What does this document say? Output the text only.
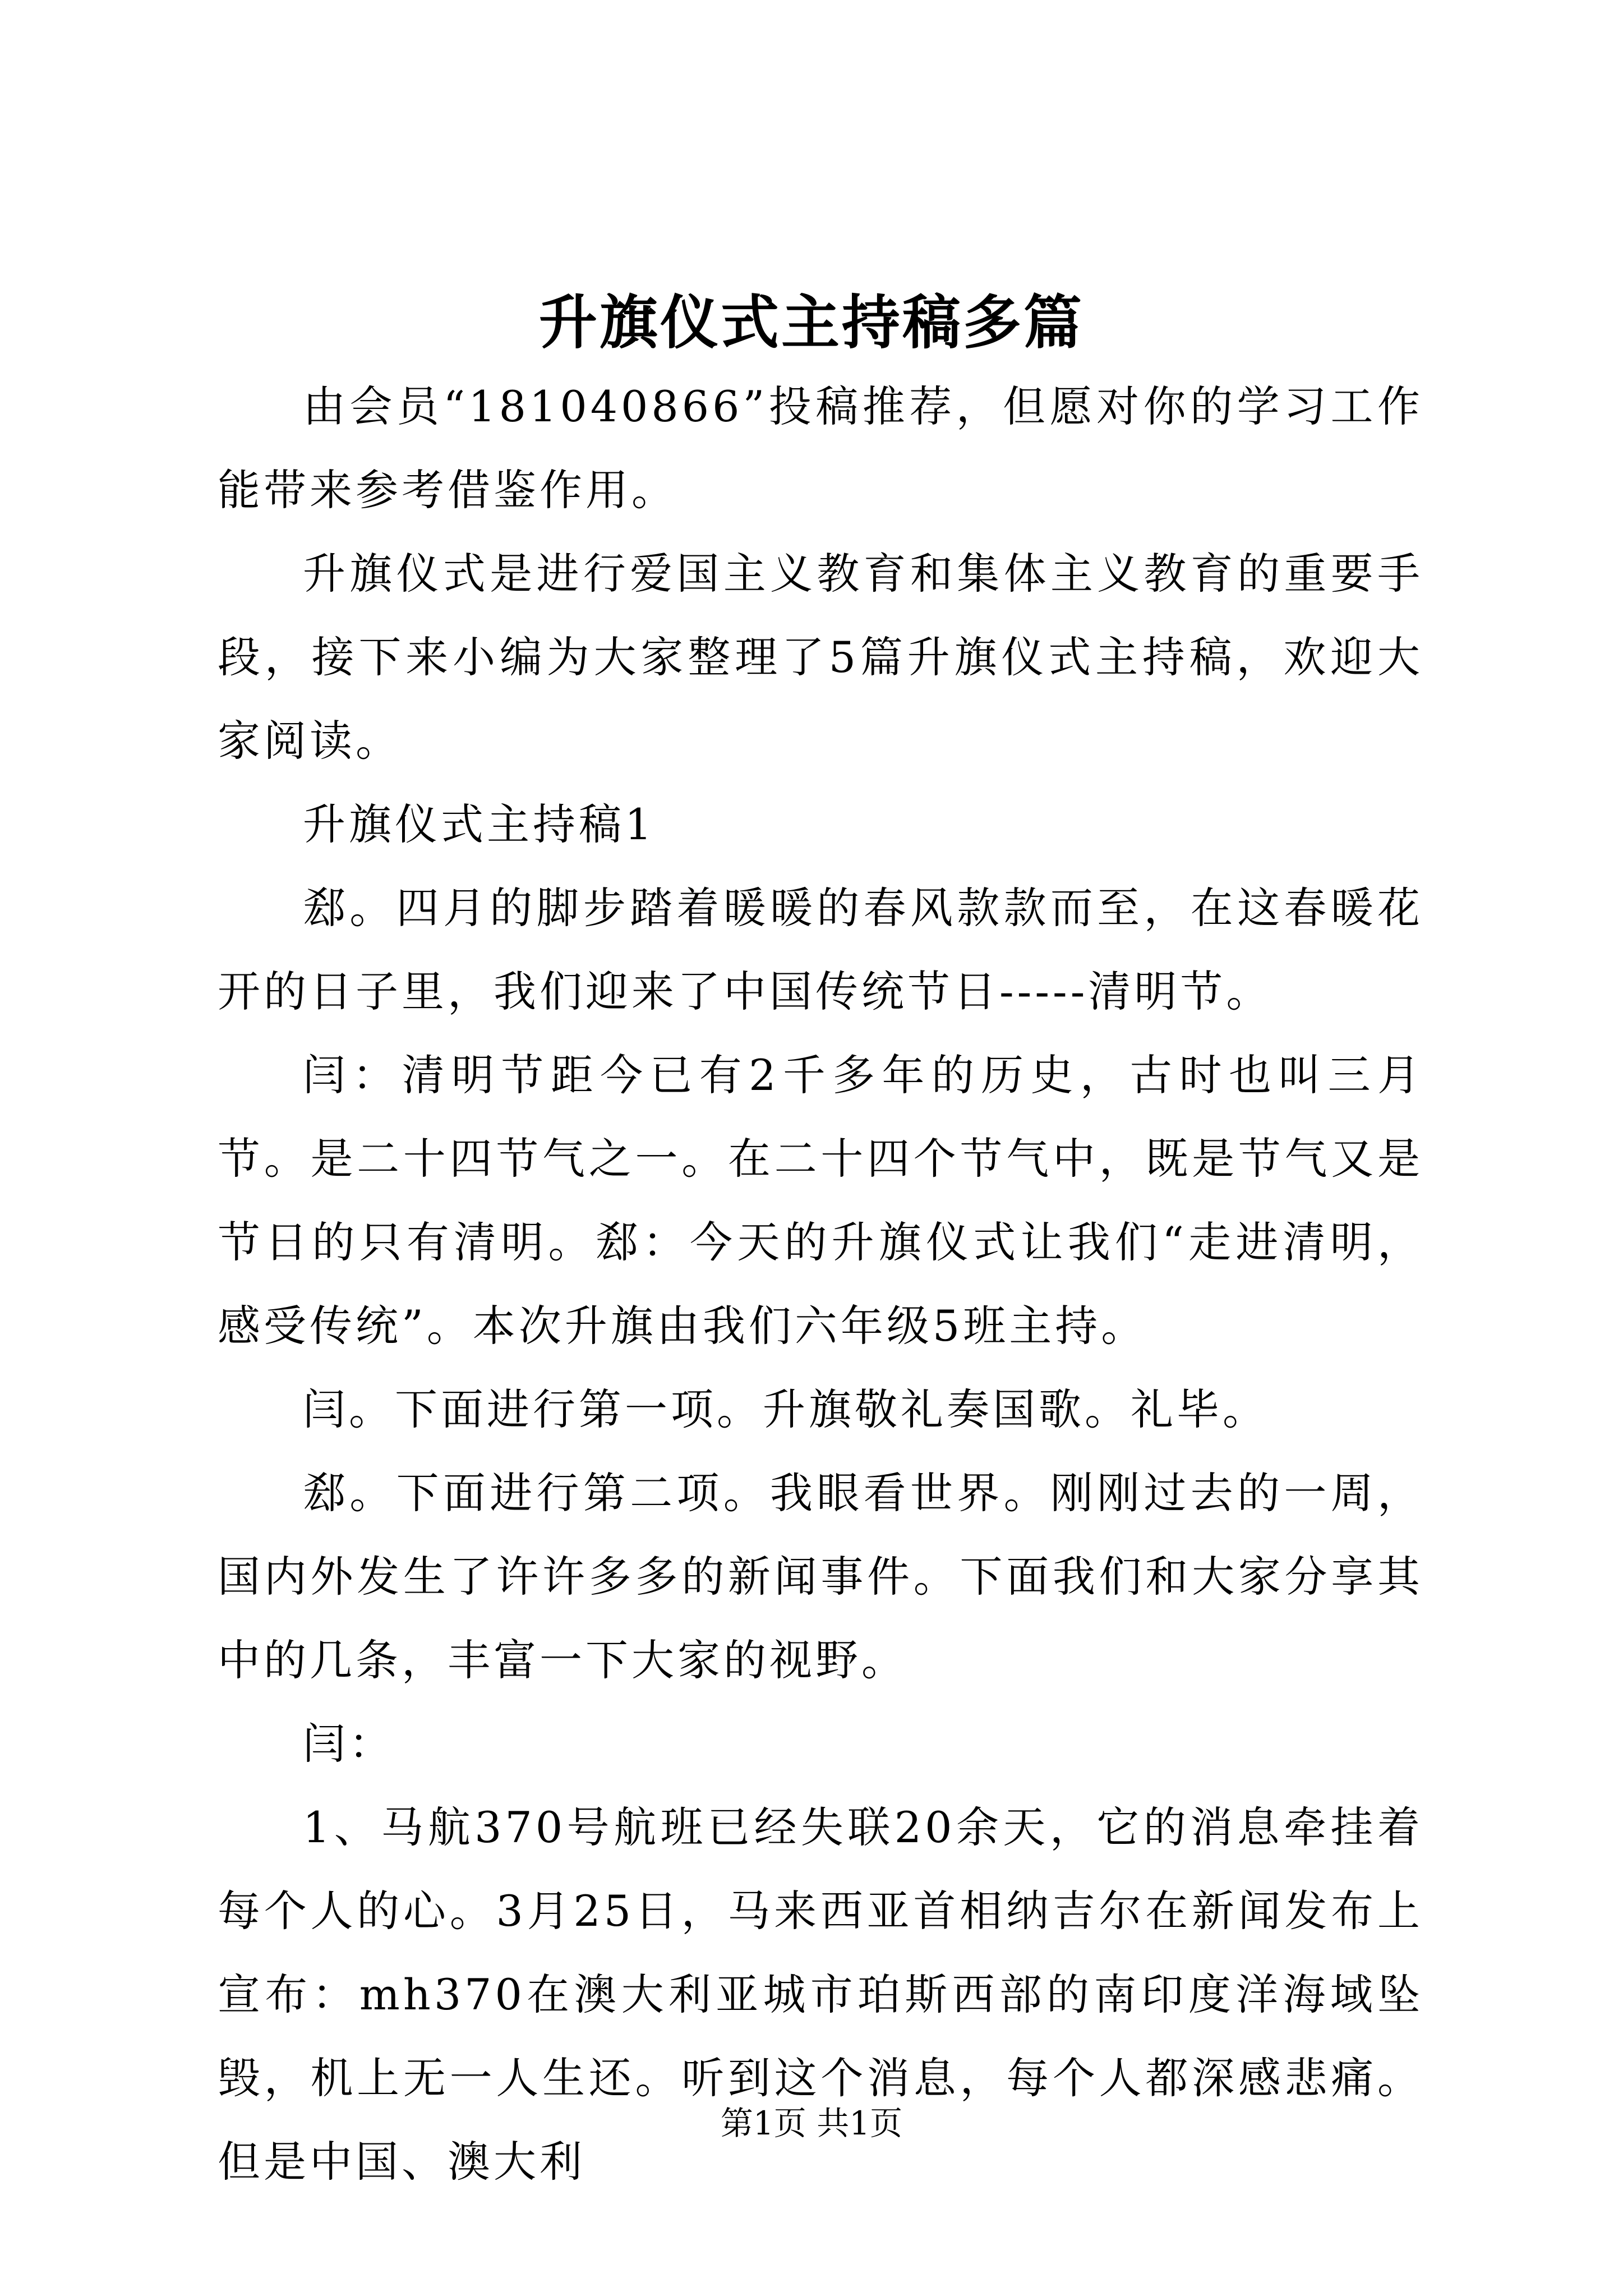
升旗仪式主持稿多篇

由会员“181040866”投稿推荐，但愿对你的学习工作能带来参考借鉴作用。

升旗仪式是进行爱国主义教育和集体主义教育的重要手段，接下来小编为大家整理了5篇升旗仪式主持稿，欢迎大家阅读。

升旗仪式主持稿1

郄。四月的脚步踏着暖暖的春风款款而至，在这春暖花开的日子里，我们迎来了中国传统节日-----清明节。

闫：清明节距今已有2千多年的历史，古时也叫三月节。是二十四节气之一。在二十四个节气中，既是节气又是节日的只有清明。郄：今天的升旗仪式让我们“走进清明，感受传统”。本次升旗由我们六年级5班主持。

闫。下面进行第一项。升旗敬礼奏国歌。礼毕。

郄。下面进行第二项。我眼看世界。刚刚过去的一周，国内外发生了许许多多的新闻事件。下面我们和大家分享其中的几条，丰富一下大家的视野。

闫：

1、马航370号航班已经失联20余天，它的消息牵挂着每个人的心。3月25日，马来西亚首相纳吉尔在新闻发布上宣布：mh370在澳大利亚城市珀斯西部的南印度洋海域坠毁，机上无一人生还。听到这个消息，每个人都深感悲痛。但是中国、澳大利

第1页 共1页
